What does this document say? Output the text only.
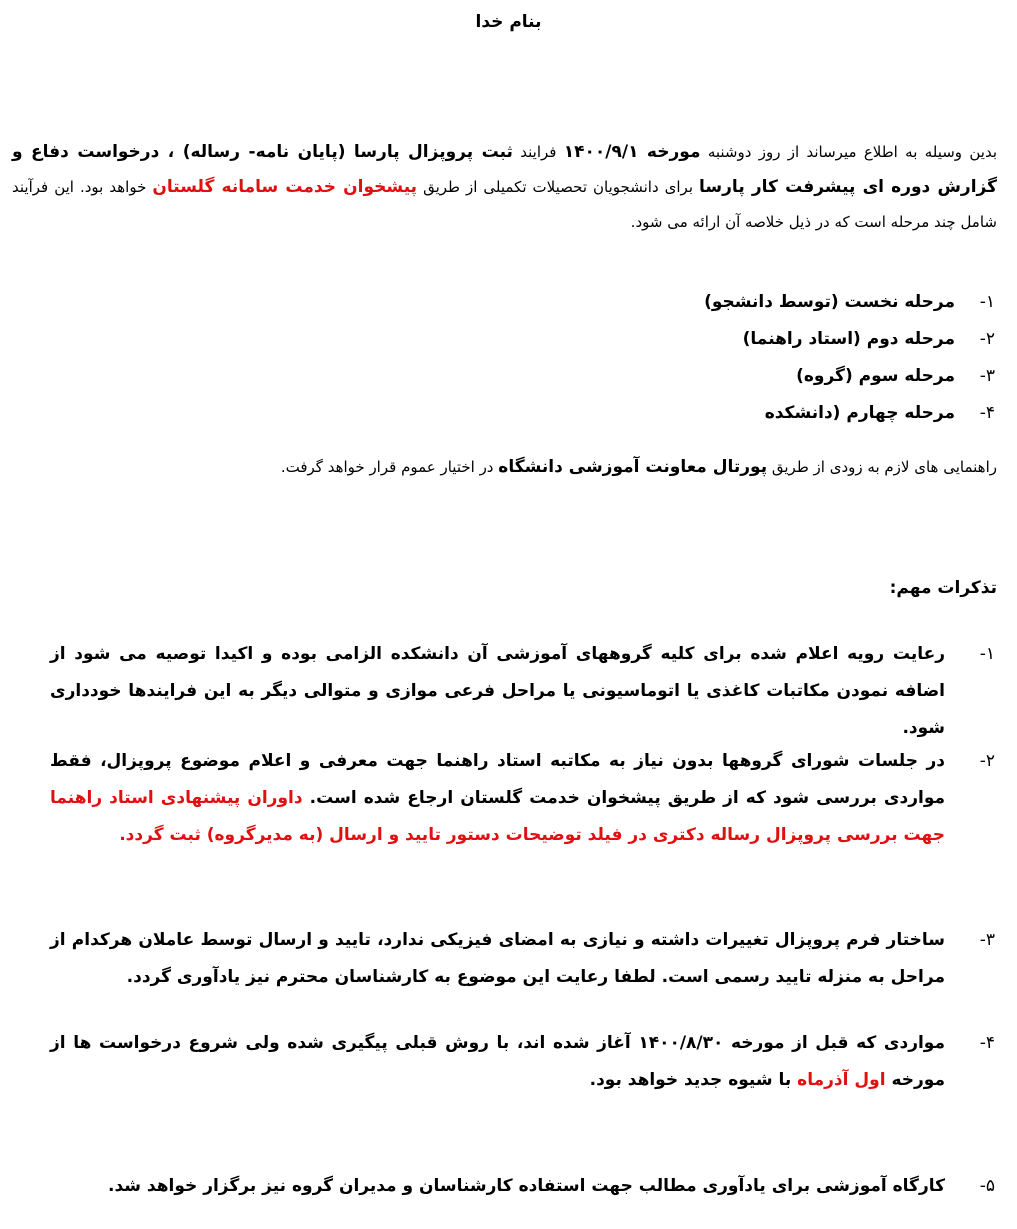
بنام خدا
بدین وسیله به اطلاع میرساند از روز دوشنبه مورخه ۱۴۰۰/۹/۱ فرایند ثبت پروپزال پارسا (پایان نامه- رساله) ، درخواست دفاع و گزارش دوره ای پیشرفت کار پارسا برای دانشجویان تحصیلات تکمیلی از طریق پیشخوان خدمت سامانه گلستان خواهد بود. این فرآیند شامل چند مرحله است که در ذیل خلاصه آن ارائه می شود.
۱-
مرحله نخست (توسط دانشجو)
۲-
مرحله دوم (استاد راهنما)
۳-
مرحله سوم (گروه)
۴-
مرحله چهارم (دانشکده
راهنمایی های لازم به زودی از طریق پورتال معاونت آموزشی دانشگاه در اختیار عموم قرار خواهد گرفت.
تذکرات مهم:
۱-
رعایت رویه اعلام شده برای کلیه گروههای آموزشی آن دانشکده الزامی بوده و اکیدا توصیه می شود از اضافه نمودن مکاتبات کاغذی یا اتوماسیونی یا مراحل فرعی موازی و متوالی دیگر به این فرایندها خودداری شود.
۲-
در جلسات شورای گروهها بدون نیاز به مکاتبه استاد راهنما جهت معرفی و اعلام موضوع پروپزال، فقط مواردی بررسی شود که از طریق پیشخوان خدمت گلستان ارجاع شده است. داوران پیشنهادی استاد راهنما جهت بررسی پروپزال رساله دکتری در فیلد توضیحات دستور تایید و ارسال (به مدیرگروه) ثبت گردد.
۳-
ساختار فرم پروپزال تغییرات داشته و نیازی به امضای فیزیکی ندارد، تایید و ارسال توسط عاملان هرکدام از مراحل به منزله تایید رسمی است. لطفا رعایت این موضوع به کارشناسان محترم نیز یادآوری گردد.
۴-
مواردی که قبل از مورخه ۱۴۰۰/۸/۳۰ آغاز شده اند، با روش قبلی پیگیری شده ولی شروع درخواست ها از مورخه اول آذرماه با شیوه جدید خواهد بود.
۵-
کارگاه آموزشی برای یادآوری مطالب جهت استفاده کارشناسان و مدیران گروه نیز برگزار خواهد شد.
